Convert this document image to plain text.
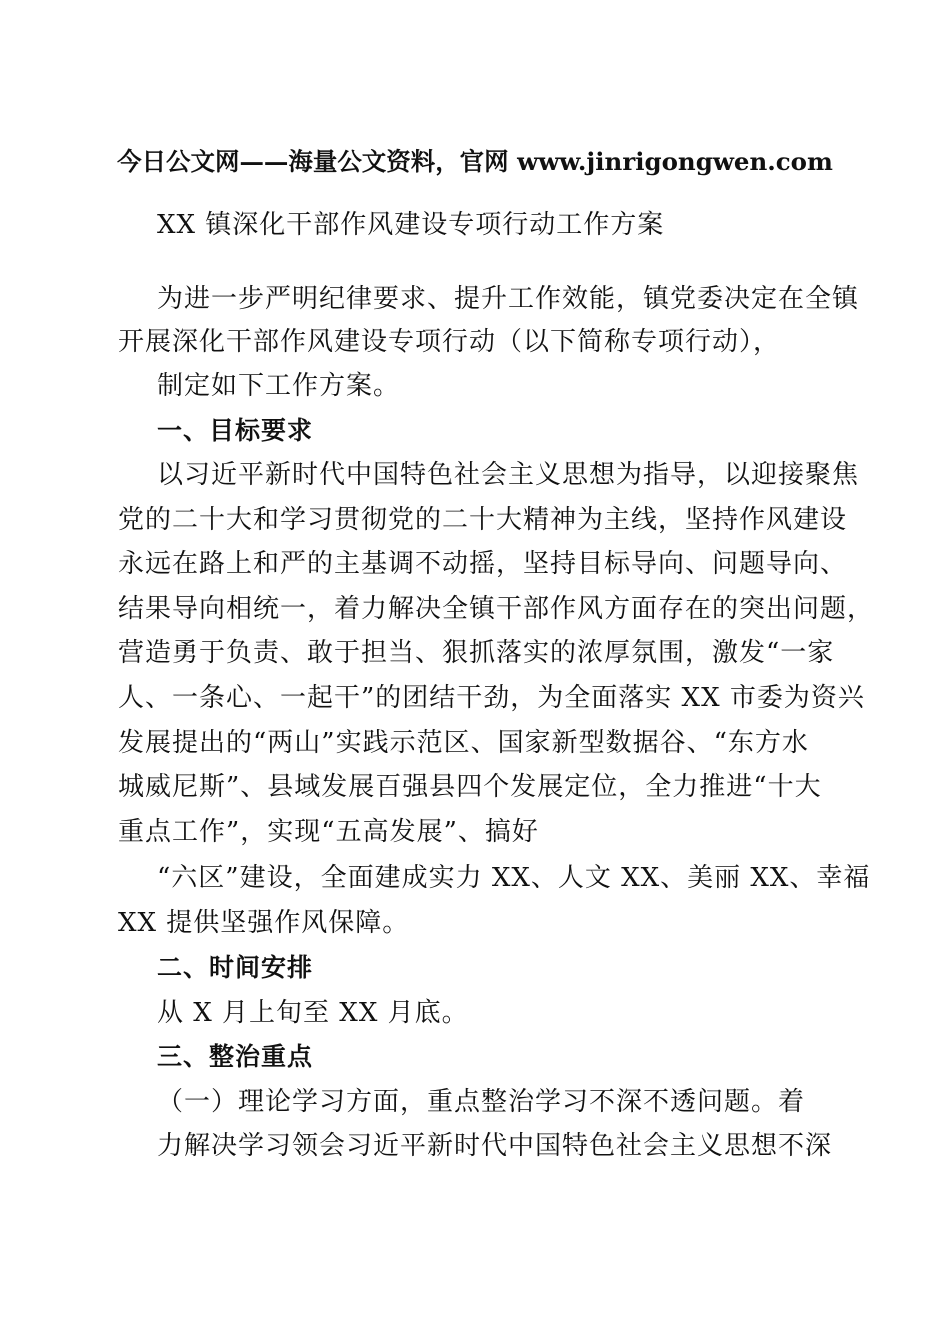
今日公文网——海量公文资料，官网 www.jinrigongwen.com
XX 镇深化干部作风建设专项行动工作方案
为进一步严明纪律要求、提升工作效能，镇党委决定在全镇
开展深化干部作风建设专项行动（以下简称专项行动），
制定如下工作方案。
一、目标要求
以习近平新时代中国特色社会主义思想为指导，以迎接聚焦
党的二十大和学习贯彻党的二十大精神为主线，坚持作风建设
永远在路上和严的主基调不动摇，坚持目标导向、问题导向、
结果导向相统一，着力解决全镇干部作风方面存在的突出问题，
营造勇于负责、敢于担当、狠抓落实的浓厚氛围，激发“一家
人、一条心、一起干”的团结干劲，为全面落实 XX 市委为资兴
发展提出的“两山”实践示范区、国家新型数据谷、“东方水
城威尼斯”、县域发展百强县四个发展定位，全力推进“十大
重点工作”，实现“五高发展”、搞好
“六区”建设，全面建成实力 XX、人文 XX、美丽 XX、幸福
XX 提供坚强作风保障。
二、时间安排
从 X 月上旬至 XX 月底。
三、整治重点
（一）理论学习方面，重点整治学习不深不透问题。着
力解决学习领会习近平新时代中国特色社会主义思想不深
